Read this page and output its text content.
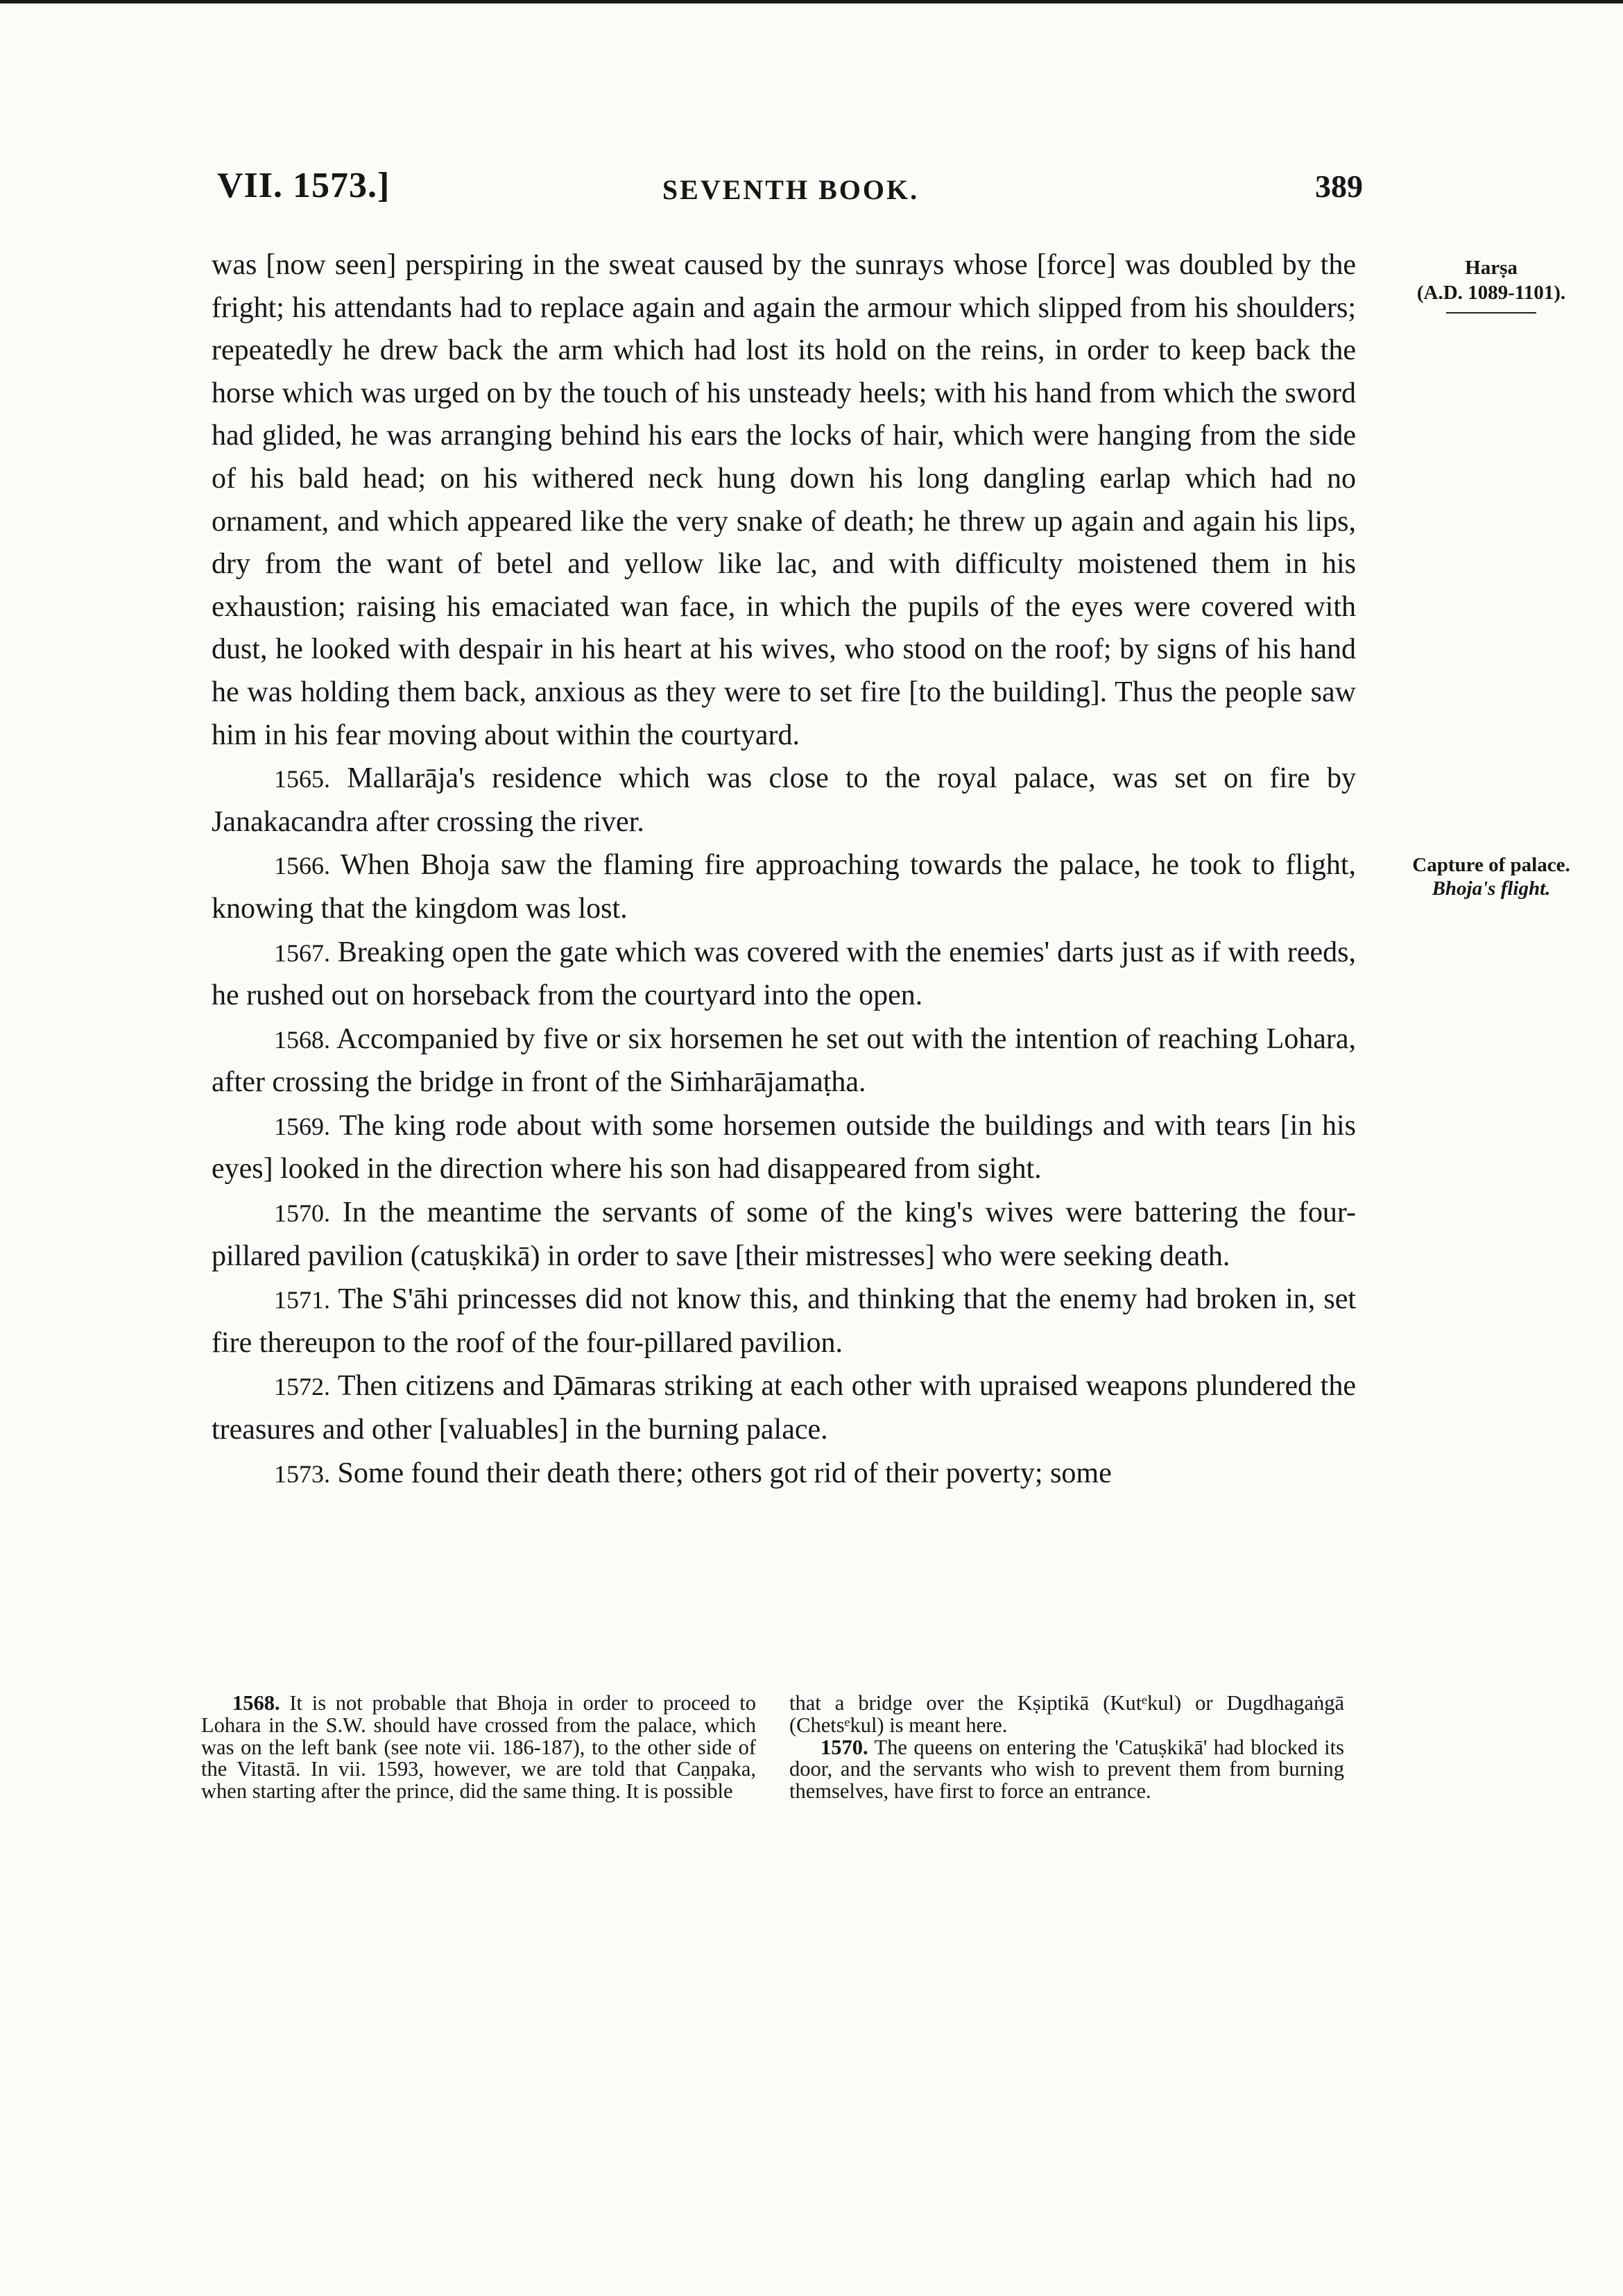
VII. 1573.]	SEVENTH BOOK.	389
Harṣa
(A.D. 1089-1101).
Capture of palace.
Bhoja's flight.

was [now seen] perspiring in the sweat caused by the sunrays whose [force] was doubled by the fright; his attendants had to replace again and again the armour which slipped from his shoulders; repeatedly he drew back the arm which had lost its hold on the reins, in order to keep back the horse which was urged on by the touch of his unsteady heels; with his hand from which the sword had glided, he was arranging behind his ears the locks of hair, which were hanging from the side of his bald head; on his withered neck hung down his long dangling earlap which had no ornament, and which appeared like the very snake of death; he threw up again and again his lips, dry from the want of betel and yellow like lac, and with difficulty moistened them in his exhaustion; raising his emaciated wan face, in which the pupils of the eyes were covered with dust, he looked with despair in his heart at his wives, who stood on the roof; by signs of his hand he was holding them back, anxious as they were to set fire [to the building]. Thus the people saw him in his fear moving about within the courtyard.

1565. Mallarāja's residence which was close to the royal palace, was set on fire by Janakacandra after crossing the river.

1566. When Bhoja saw the flaming fire approaching towards the palace, he took to flight, knowing that the kingdom was lost.

1567. Breaking open the gate which was covered with the enemies' darts just as if with reeds, he rushed out on horseback from the courtyard into the open.

1568. Accompanied by five or six horsemen he set out with the intention of reaching Lohara, after crossing the bridge in front of the Siṁharājamaṭha.

1569. The king rode about with some horsemen outside the buildings and with tears [in his eyes] looked in the direction where his son had disappeared from sight.

1570. In the meantime the servants of some of the king's wives were battering the four-pillared pavilion (catuṣkikā) in order to save [their mistresses] who were seeking death.

1571. The S'āhi princesses did not know this, and thinking that the enemy had broken in, set fire thereupon to the roof of the four-pillared pavilion.

1572. Then citizens and Ḍāmaras striking at each other with upraised weapons plundered the treasures and other [valuables] in the burning palace.

1573. Some found their death there; others got rid of their poverty; some

1568. It is not probable that Bhoja in order to proceed to Lohara in the S.W. should have crossed from the palace, which was on the left bank (see note vii. 186-187), to the other side of the Vitastā. In vii. 1593, however, we are told that Caṇpaka, when starting after the prince, did the same thing. It is possible

that a bridge over the Kṣiptikā (Kutᵉkul) or Dugdhagaṅgā (Chetsᵉkul) is meant here.

1570. The queens on entering the 'Catuṣkikā' had blocked its door, and the servants who wish to prevent them from burning themselves, have first to force an entrance.
